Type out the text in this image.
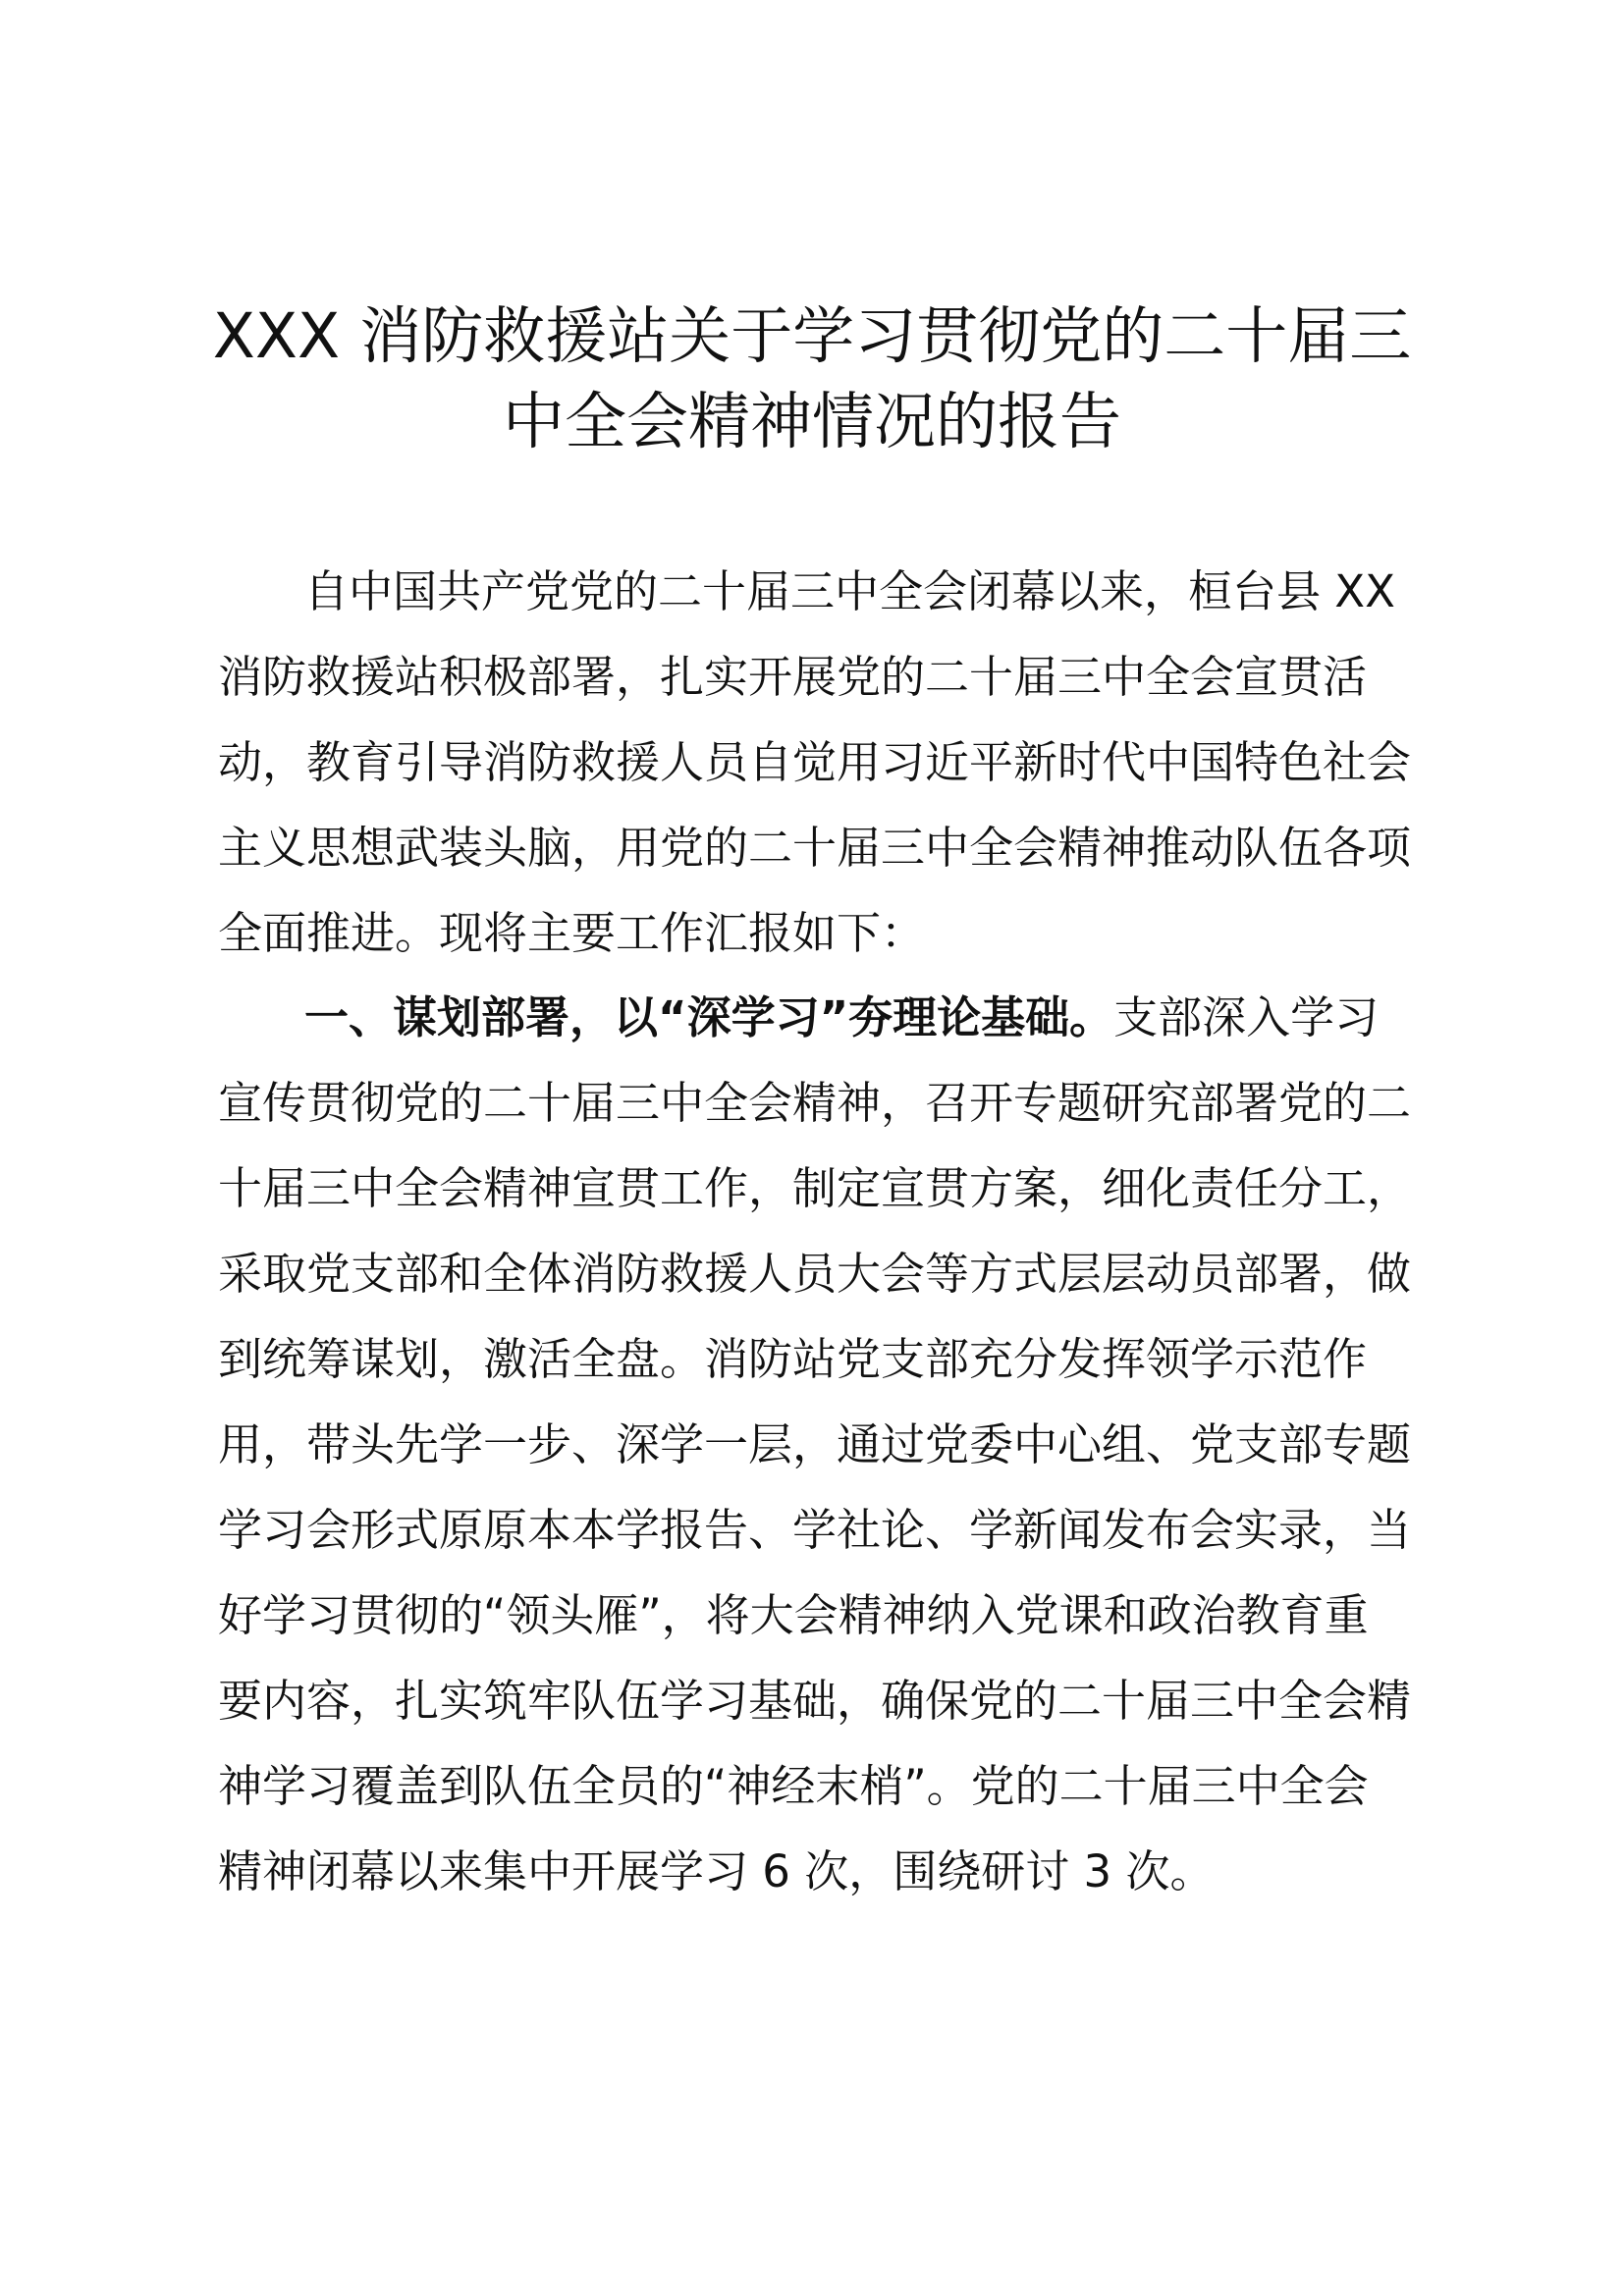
XXX 消防救援站关于学习贯彻党的二十届三
中全会精神情况的报告

自中国共产党党的二十届三中全会闭幕以来，桓台县 XX

消防救援站积极部署，扎实开展党的二十届三中全会宣贯活

动，教育引导消防救援人员自觉用习近平新时代中国特色社会

主义思想武装头脑，用党的二十届三中全会精神推动队伍各项

全面推进。现将主要工作汇报如下：

一、谋划部署，以“深学习”夯理论基础。支部深入学习

宣传贯彻党的二十届三中全会精神，召开专题研究部署党的二

十届三中全会精神宣贯工作，制定宣贯方案，细化责任分工，

采取党支部和全体消防救援人员大会等方式层层动员部署，做

到统筹谋划，激活全盘。消防站党支部充分发挥领学示范作

用，带头先学一步、深学一层，通过党委中心组、党支部专题

学习会形式原原本本学报告、学社论、学新闻发布会实录，当

好学习贯彻的“领头雁”，将大会精神纳入党课和政治教育重

要内容，扎实筑牢队伍学习基础，确保党的二十届三中全会精

神学习覆盖到队伍全员的“神经末梢”。党的二十届三中全会

精神闭幕以来集中开展学习 6 次，围绕研讨 3 次。
